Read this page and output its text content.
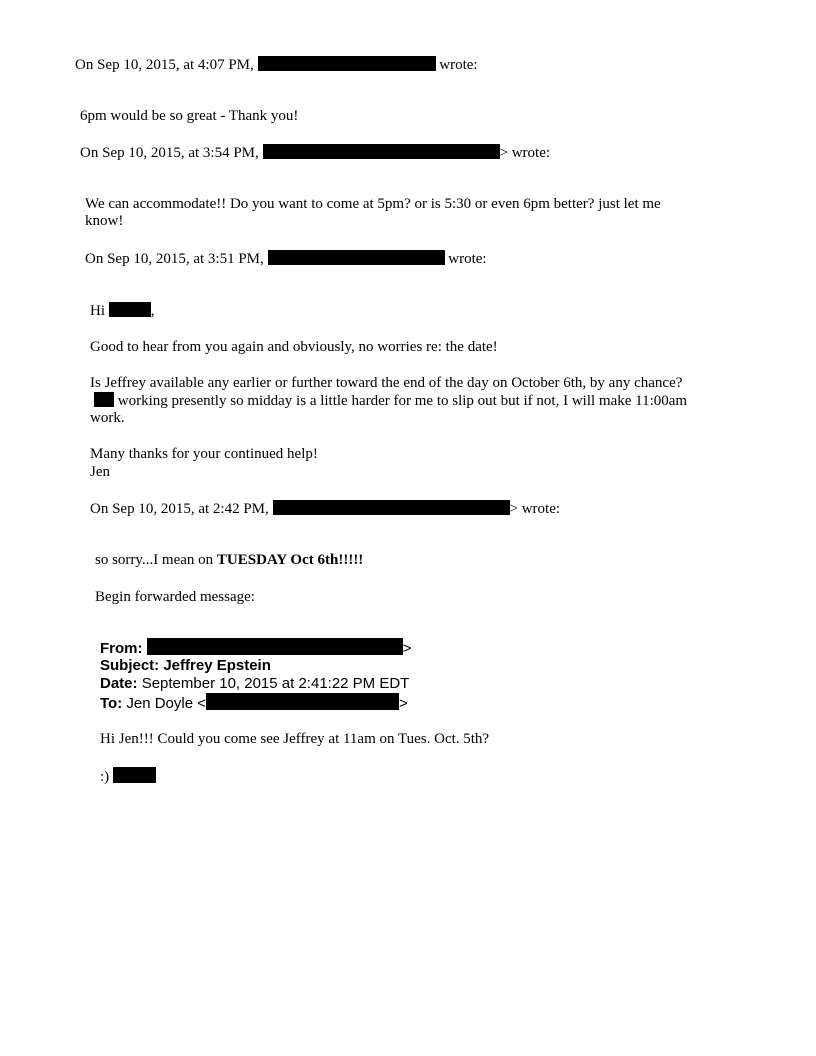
On Sep 10, 2015, at 4:07 PM,	wrote:
6pm would be so great - Thank you!
On Sep 10, 2015, at 3:54 PM,	> wrote:
We can accommodate!! Do you want to come at 5pm? or is 5:30 or even 6pm better? just let me
know!
On Sep 10, 2015, at 3:51 PM,	wrote:
Hi	,
Good to hear from you again and obviously, no worries re: the date!
Is Jeffrey available any earlier or further toward the end of the day on October 6th, by any chance?
working presently so midday is a little harder for me to slip out but if not, I will make 11:00am
work.
Many thanks for your continued help!
Jen
On Sep 10, 2015, at 2:42 PM,	> wrote:
so sorry...I mean on TUESDAY Oct 6th!!!!!
Begin forwarded message:
From:	>
Subject: Jeffrey Epstein
Date: September 10, 2015 at 2:41:22 PM EDT
To: Jen Doyle <	>
Hi Jen!!! Could you come see Jeffrey at 11am on Tues. Oct. 5th?
:)
